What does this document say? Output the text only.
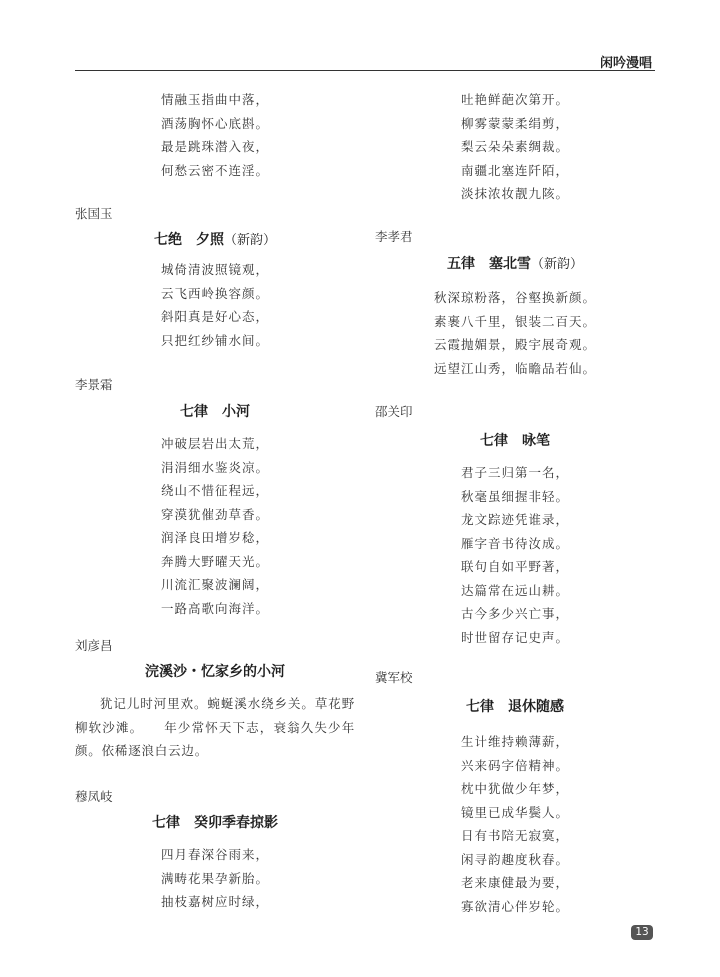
闲吟漫唱
情融玉指曲中落，
酒荡胸怀心底斟。
最是跳珠潜入夜，
何愁云密不连淫。
张国玉
七绝　夕照（新韵）
城倚清波照镜观，
云飞西岭换容颜。
斜阳真是好心态，
只把红纱铺水间。
李景霜
七律　小河
冲破层岩出太荒，
涓涓细水鉴炎凉。
绕山不惜征程远，
穿漠犹催劲草香。
润泽良田增岁稔，
奔腾大野曜天光。
川流汇聚波澜阔，
一路高歌向海洋。
刘彦昌
浣溪沙・忆家乡的小河
犹记儿时河里欢。蜿蜒溪水绕乡关。草花野柳软沙滩。　　年少常怀天下志，衰翁久失少年颜。依稀逐浪白云边。
穆凤岐
七律　癸卯季春掠影
四月春深谷雨来，
满畴花果孕新胎。
抽枝嘉树应时绿，
吐艳鲜葩次第开。
柳雾蒙蒙柔绢剪，
梨云朵朵素绸裁。
南疆北塞连阡陌，
淡抹浓妆靓九陔。
李孝君
五律　塞北雪（新韵）
秋深琼粉落，谷壑换新颜。
素裹八千里，银装二百天。
云霞抛媚景，殿宇展奇观。
远望江山秀，临瞻品若仙。
邵关印
七律　咏笔
君子三归第一名，
秋毫虽细握非轻。
龙文踪迹凭谁录，
雁字音书待汝成。
联句自如平野著，
达篇常在远山耕。
古今多少兴亡事，
时世留存记史声。
冀军校
七律　退休随感
生计维持赖薄薪，
兴来码字倍精神。
枕中犹做少年梦，
镜里已成华鬓人。
日有书陪无寂寞，
闲寻韵趣度秋春。
老来康健最为要，
寡欲清心伴岁轮。
13
